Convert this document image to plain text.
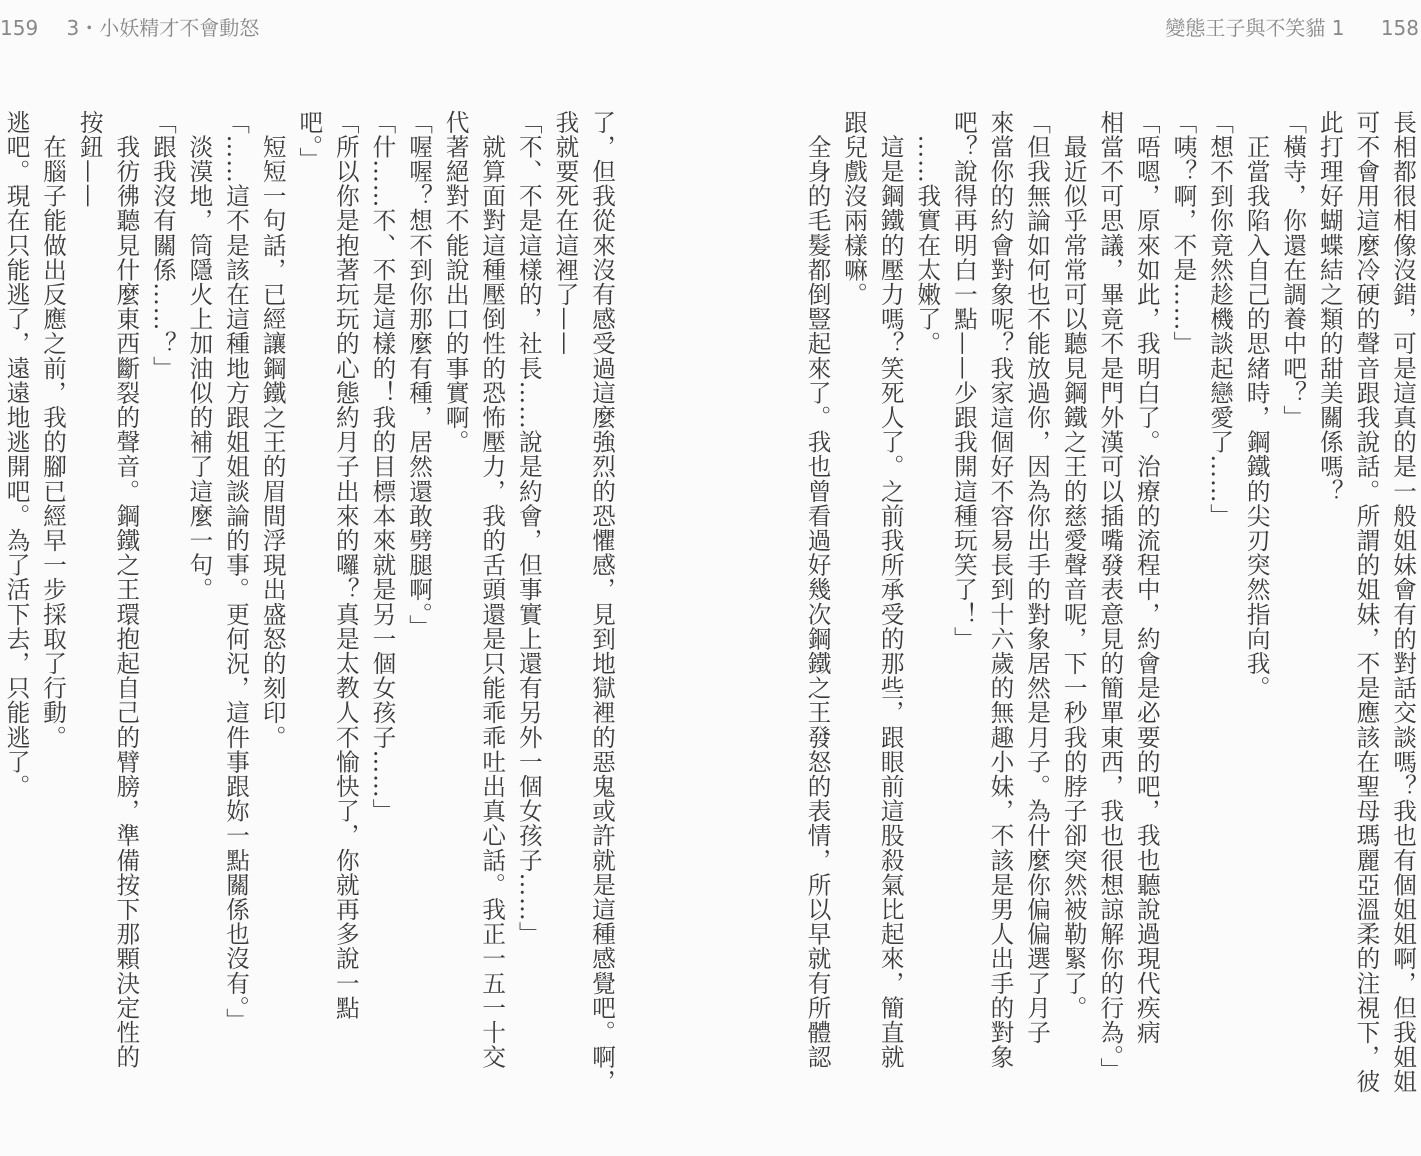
159 3・小妖精才不會動怒	變態王子與不笑貓 1 158
長相都很相像沒錯，可是這真的是一般姐妹會有的對話交談嗎？我也有個姐姐啊，但我姐姐
可不會用這麼冷硬的聲音跟我說話。所謂的姐妹，不是應該在聖母瑪麗亞溫柔的注視下，彼
此打理好蝴蝶結之類的甜美關係嗎？
「橫寺，你還在調養中吧？」
　正當我陷入自己的思緒時，鋼鐵的尖刃突然指向我。
「想不到你竟然趁機談起戀愛了……」
「咦？啊，不是……」
「唔嗯，原來如此，我明白了。治療的流程中，約會是必要的吧，我也聽說過現代疾病
相當不可思議，畢竟不是門外漢可以插嘴發表意見的簡單東西，我也很想諒解你的行為。」
　最近似乎常常可以聽見鋼鐵之王的慈愛聲音呢，下一秒我的脖子卻突然被勒緊了。
「但我無論如何也不能放過你，因為你出手的對象居然是月子。為什麼你偏偏選了月子
來當你的約會對象呢？我家這個好不容易長到十六歲的無趣小妹，不該是男人出手的對象
吧？說得再明白一點——少跟我開這種玩笑了！」
　……我實在太嫩了。
　這是鋼鐵的壓力嗎？笑死人了。之前我所承受的那些，跟眼前這股殺氣比起來，簡直就
跟兒戲沒兩樣嘛。
　全身的毛髮都倒豎起來了。我也曾看過好幾次鋼鐵之王發怒的表情，所以早就有所體認
了，但我從來沒有感受過這麼強烈的恐懼感，見到地獄裡的惡鬼或許就是這種感覺吧。啊，
我就要死在這裡了——
「不、不是這樣的，社長……說是約會，但事實上還有另外一個女孩子……」
　就算面對這種壓倒性的恐怖壓力，我的舌頭還是只能乖乖吐出真心話。我正一五一十交
代著絕對不能說出口的事實啊。
「喔喔？想不到你那麼有種，居然還敢劈腿啊。」
「什……不、不是這樣的！我的目標本來就是另一個女孩子……」
「所以你是抱著玩玩的心態約月子出來的囉？真是太教人不愉快了，你就再多說一點
吧。」
　短短一句話，已經讓鋼鐵之王的眉間浮現出盛怒的刻印。
「……這不是該在這種地方跟姐姐談論的事。更何況，這件事跟妳一點關係也沒有。」
　淡漠地，筒隱火上加油似的補了這麼一句。
「跟我沒有關係……？」
　我彷彿聽見什麼東西斷裂的聲音。鋼鐵之王環抱起自己的臂膀，準備按下那顆決定性的
按鈕——
　在腦子能做出反應之前，我的腳已經早一步採取了行動。
逃吧。現在只能逃了，遠遠地逃開吧。為了活下去，只能逃了。
